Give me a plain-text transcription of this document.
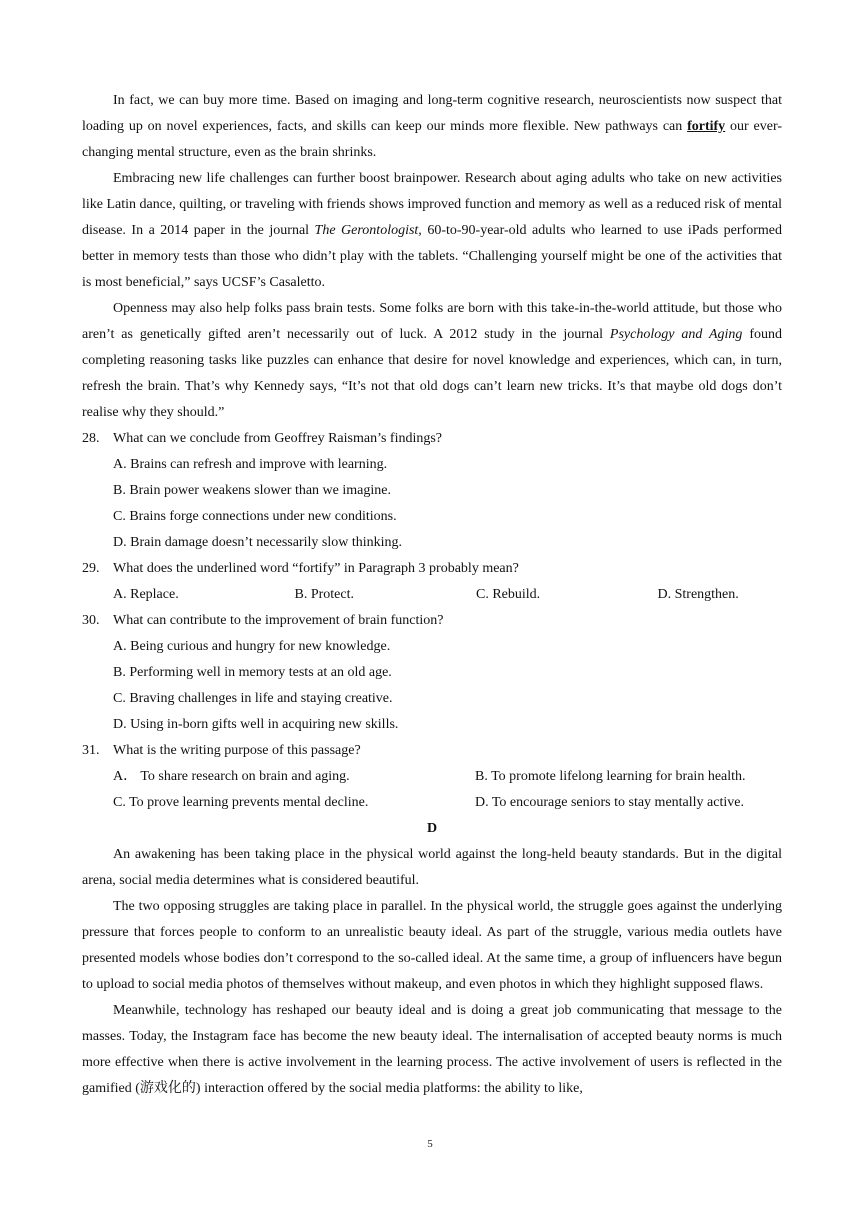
In fact, we can buy more time. Based on imaging and long-term cognitive research, neuroscientists now suspect that loading up on novel experiences, facts, and skills can keep our minds more flexible. New pathways can fortify our ever-changing mental structure, even as the brain shrinks.

Embracing new life challenges can further boost brainpower. Research about aging adults who take on new activities like Latin dance, quilting, or traveling with friends shows improved function and memory as well as a reduced risk of mental disease. In a 2014 paper in the journal The Gerontologist, 60-to-90-year-old adults who learned to use iPads performed better in memory tests than those who didn’t play with the tablets. “Challenging yourself might be one of the activities that is most beneficial,” says UCSF’s Casaletto.

Openness may also help folks pass brain tests. Some folks are born with this take-in-the-world attitude, but those who aren’t as genetically gifted aren’t necessarily out of luck. A 2012 study in the journal Psychology and Aging found completing reasoning tasks like puzzles can enhance that desire for novel knowledge and experiences, which can, in turn, refresh the brain. That’s why Kennedy says, “It’s not that old dogs can’t learn new tricks. It’s that maybe old dogs don’t realise why they should.”

28. What can we conclude from Geoffrey Raisman’s findings?

A. Brains can refresh and improve with learning.

B. Brain power weakens slower than we imagine.

C. Brains forge connections under new conditions.

D. Brain damage doesn’t necessarily slow thinking.

29. What does the underlined word “fortify” in Paragraph 3 probably mean?
A. Replace.	B. Protect.	C. Rebuild.	D. Strengthen.
30. What can contribute to the improvement of brain function?

A. Being curious and hungry for new knowledge.

B. Performing well in memory tests at an old age.

C. Braving challenges in life and staying creative.

D. Using in-born gifts well in acquiring new skills.

31. What is the writing purpose of this passage?
A． To share research on brain and aging.	B. To promote lifelong learning for brain health.
C. To prove learning prevents mental decline.	D. To encourage seniors to stay mentally active.

D

An awakening has been taking place in the physical world against the long-held beauty standards. But in the digital arena, social media determines what is considered beautiful.

The two opposing struggles are taking place in parallel. In the physical world, the struggle goes against the underlying pressure that forces people to conform to an unrealistic beauty ideal. As part of the struggle, various media outlets have presented models whose bodies don’t correspond to the so-called ideal. At the same time, a group of influencers have begun to upload to social media photos of themselves without makeup, and even photos in which they highlight supposed flaws.

Meanwhile, technology has reshaped our beauty ideal and is doing a great job communicating that message to the masses. Today, the Instagram face has become the new beauty ideal. The internalisation of accepted beauty norms is much more effective when there is active involvement in the learning process. The active involvement of users is reflected in the gamified (游戏化的) interaction offered by the social media platforms: the ability to like,

5
